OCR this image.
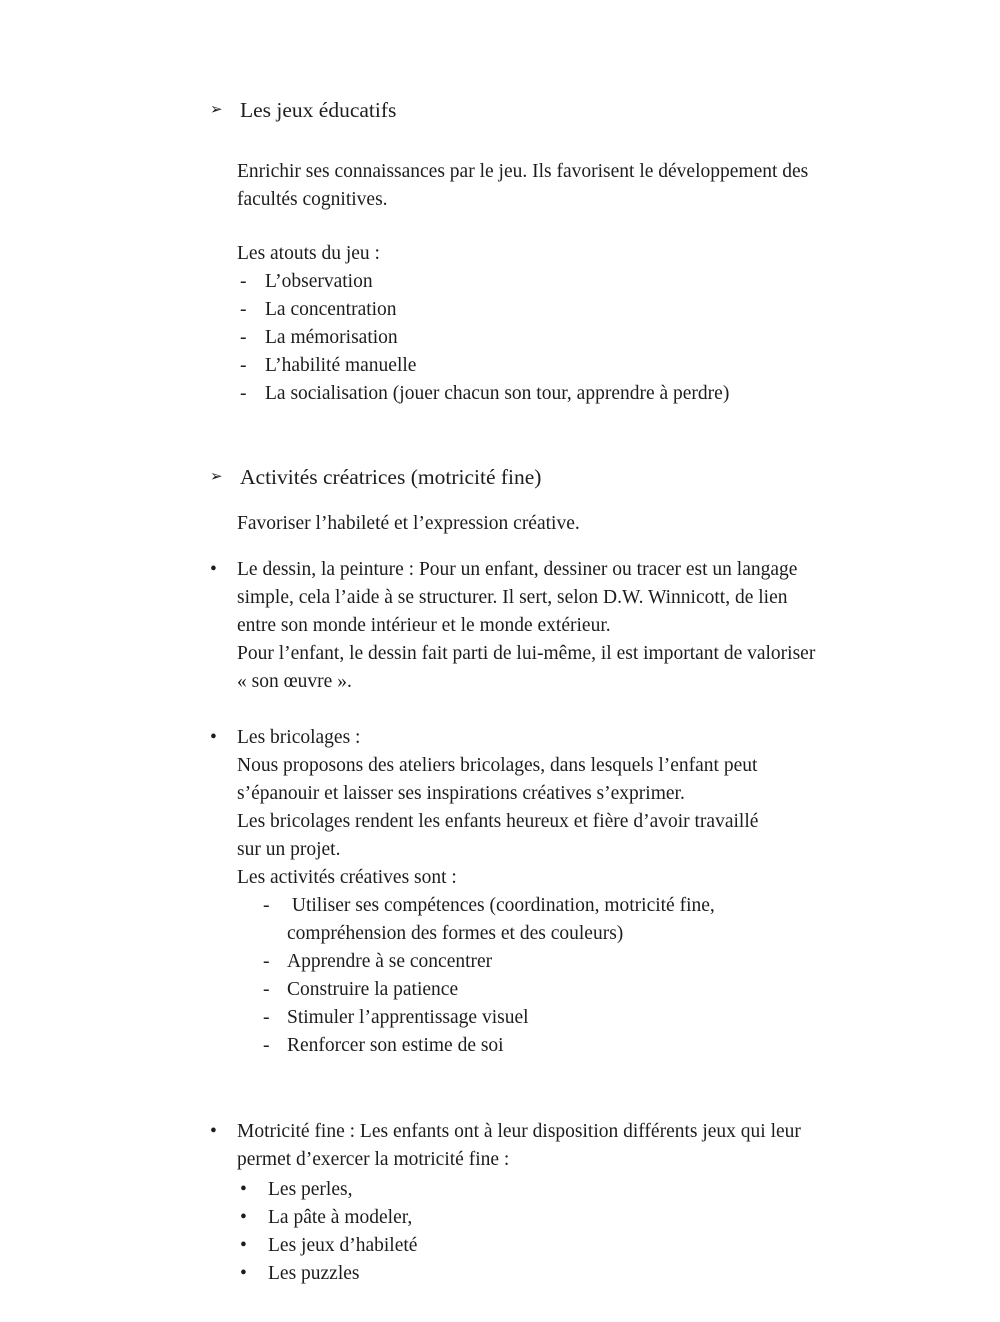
➢ Les jeux éducatifs
Enrichir ses connaissances par le jeu. Ils favorisent le développement des
facultés cognitives.
Les atouts du jeu :
- L’observation
- La concentration
- La mémorisation
- L’habilité manuelle
- La socialisation (jouer chacun son tour, apprendre à perdre)
➢ Activités créatrices (motricité fine)
Favoriser l’habileté et l’expression créative.
•	Le dessin, la peinture : Pour un enfant, dessiner ou tracer est un langage
simple, cela l’aide à se structurer. Il sert, selon D.W. Winnicott, de lien
entre son monde intérieur et le monde extérieur.
Pour l’enfant, le dessin fait parti de lui-même, il est important de valoriser
« son œuvre ».
•	Les bricolages :
Nous proposons des ateliers bricolages, dans lesquels l’enfant peut
s’épanouir et laisser ses inspirations créatives s’exprimer.
Les bricolages rendent les enfants heureux et fière d’avoir travaillé
sur un projet.
Les activités créatives sont :
- Utiliser ses compétences (coordination, motricité fine,
compréhension des formes et des couleurs)
- Apprendre à se concentrer
- Construire la patience
- Stimuler l’apprentissage visuel
- Renforcer son estime de soi
•	Motricité fine : Les enfants ont à leur disposition différents jeux qui leur
permet d’exercer la motricité fine :
•	Les perles,
•	La pâte à modeler,
•	Les jeux d’habileté
•	Les puzzles
